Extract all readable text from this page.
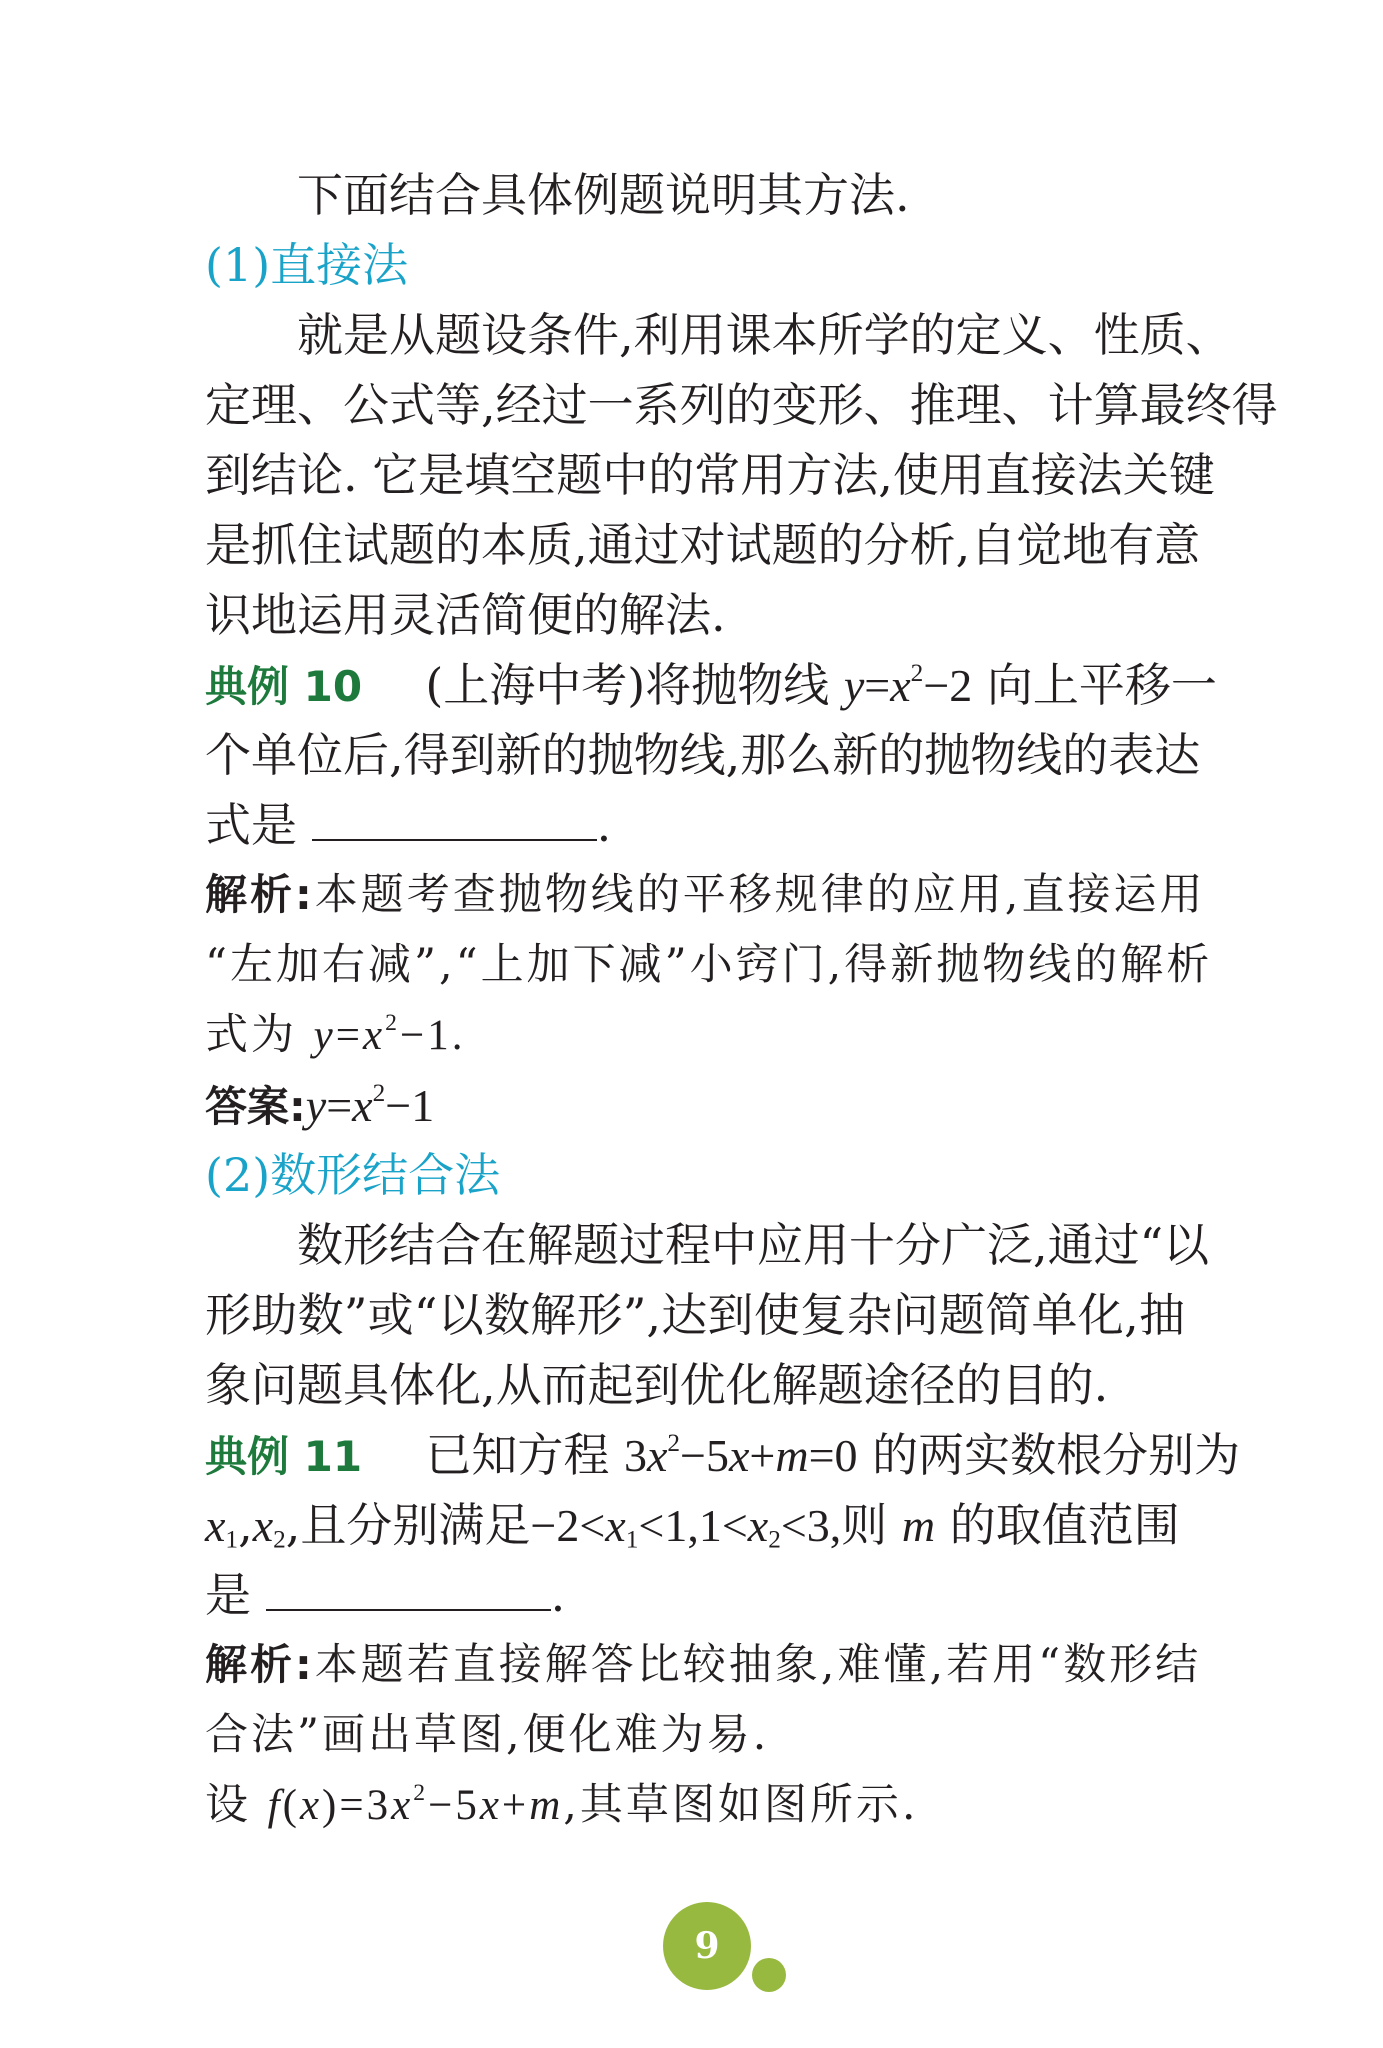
下面结合具体例题说明其方法.
(1)直接法
就是从题设条件,利用课本所学的定义、性质、
定理、公式等,经过一系列的变形、推理、计算最终得
到结论. 它是填空题中的常用方法,使用直接法关键
是抓住试题的本质,通过对试题的分析,自觉地有意
识地运用灵活简便的解法.
典例 10 (上海中考)将抛物线 $y=x^2-2$ 向上平移一
个单位后,得到新的抛物线,那么新的抛物线的表达
式是	.
解析:本题考查抛物线的平移规律的应用,直接运用
“左加右减”,“上加下减”小窍门,得新抛物线的解析
式为 $y=x^2-1$.
答案$:y=x^2-1$
(2)数形结合法
数形结合在解题过程中应用十分广泛,通过“以
形助数”或“以数解形”,达到使复杂问题简单化,抽
象问题具体化,从而起到优化解题途径的目的.
典例 11 已知方程 $3x^2-5x+m=0$ 的两实数根分别为
$x_1,x_2$,且分别满足$-2<x_1<1,1<x_2<3$,则 m 的取值范围
是	.
解析:本题若直接解答比较抽象,难懂,若用“数形结
合法”画出草图,便化难为易.
设 $f(x)=3x^2-5x+m$,其草图如图所示.
9
